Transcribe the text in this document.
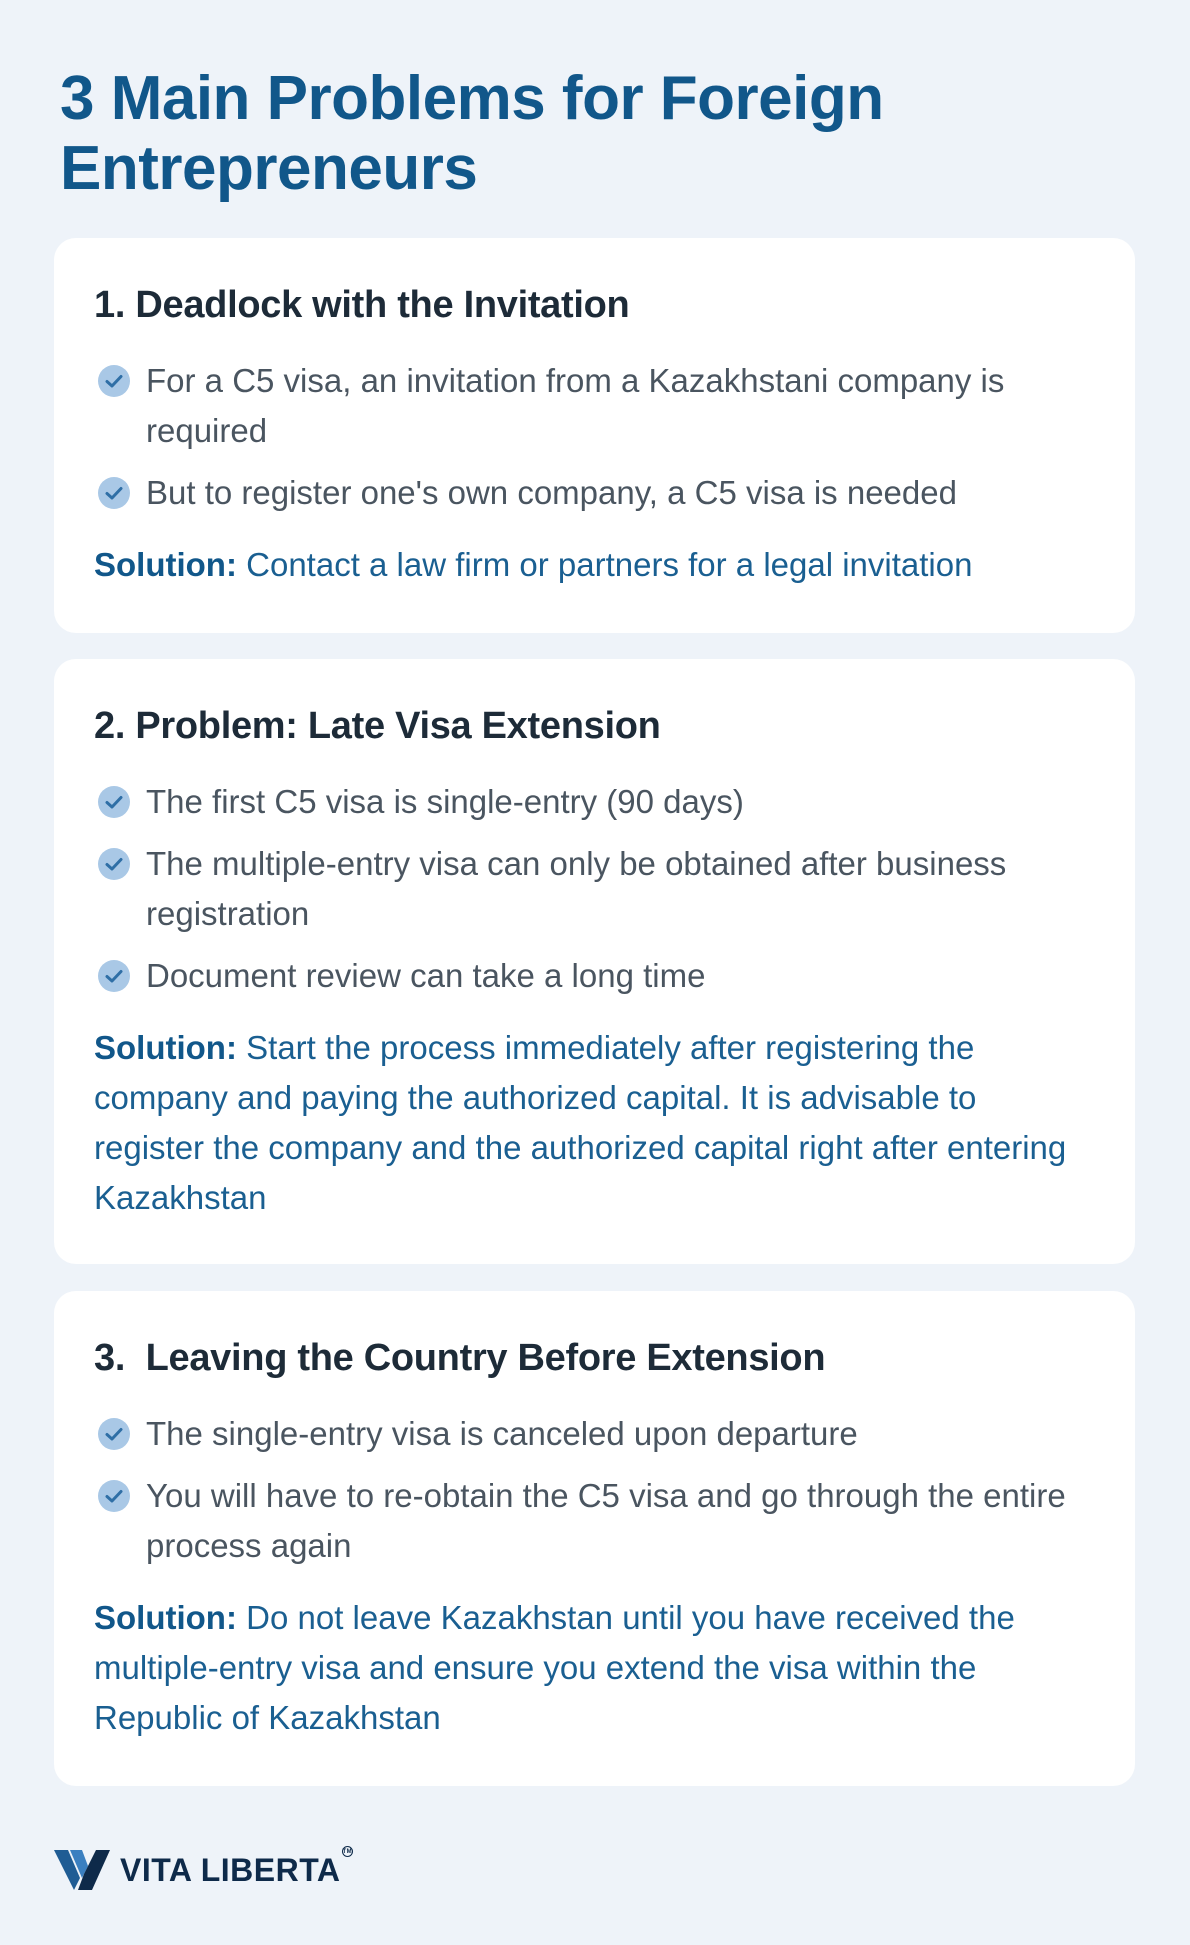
3 Main Problems for Foreign Entrepreneurs
1. Deadlock with the Invitation
For a C5 visa, an invitation from a Kazakhstani company is required
But to register one's own company, a C5 visa is needed

Solution: Contact a law firm or partners for a legal invitation

2. Problem: Late Visa Extension
The first C5 visa is single-entry (90 days)
The multiple-entry visa can only be obtained after business registration
Document review can take a long time

Solution: Start the process immediately after registering the company and paying the authorized capital. It is advisable to register the company and the authorized capital right after entering Kazakhstan

3.  Leaving the Country Before Extension
The single-entry visa is canceled upon departure
You will have to re-obtain the C5 visa and go through the entire process again

Solution: Do not leave Kazakhstan until you have received the multiple-entry visa and ensure you extend the visa within the Republic of Kazakhstan

VITA LIBERTA TM
